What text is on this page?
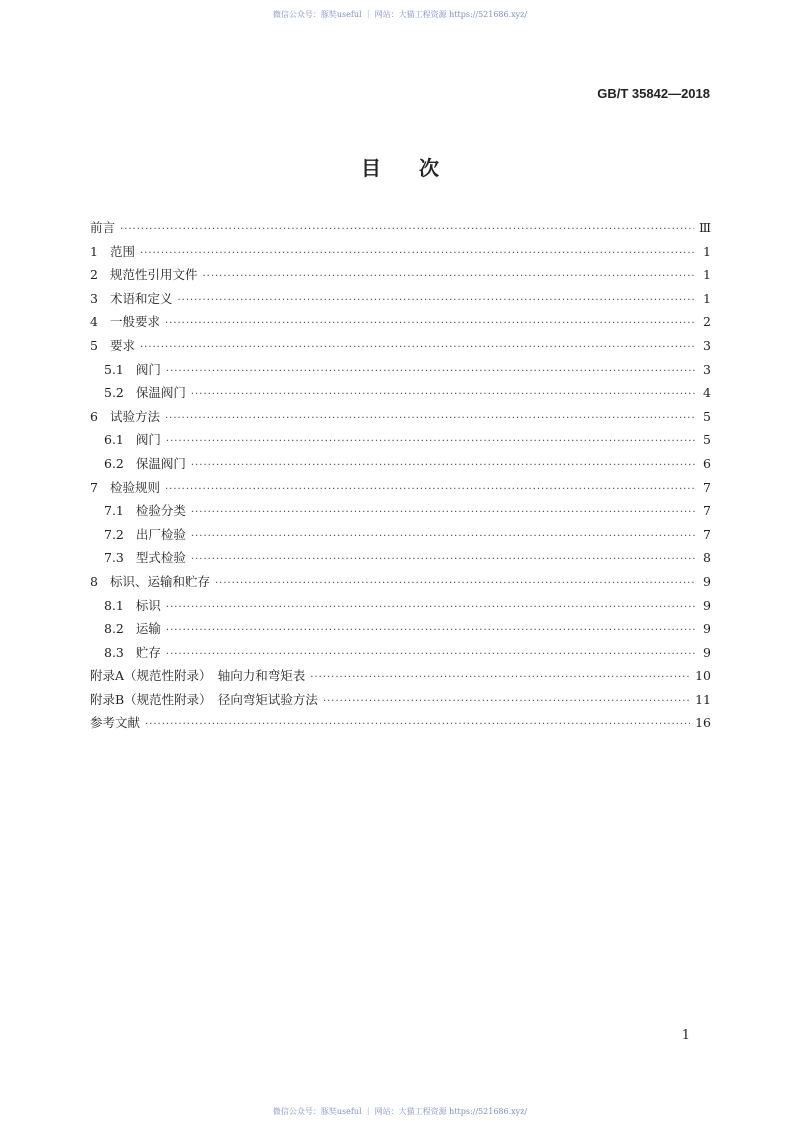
微信公众号：豚奘useful ｜ 网站：大猫工程资源 https://521686.xyz/
GB/T 35842—2018
目次
前言 ·····	Ⅲ
1 范围 ·····	1
2 规范性引用文件 ·····	1
3 术语和定义 ·····	1
4 一般要求 ·····	2
5 要求 ·····	3
5.1 阀门 ·····	3
5.2 保温阀门 ·····	4
6 试验方法 ·····	5
6.1 阀门 ·····	5
6.2 保温阀门 ·····	6
7 检验规则 ·····	7
7.1 检验分类 ·····	7
7.2 出厂检验 ·····	7
7.3 型式检验 ·····	8
8 标识、运输和贮存 ·····	9
8.1 标识 ·····	9
8.2 运输 ·····	9
8.3 贮存 ·····	9
附录A（规范性附录）　轴向力和弯矩表 ·····	10
附录B（规范性附录）　径向弯矩试验方法 ·····	11
参考文献 ·····	16
1
微信公众号：豚奘useful ｜ 网站：大猫工程资源 https://521686.xyz/
